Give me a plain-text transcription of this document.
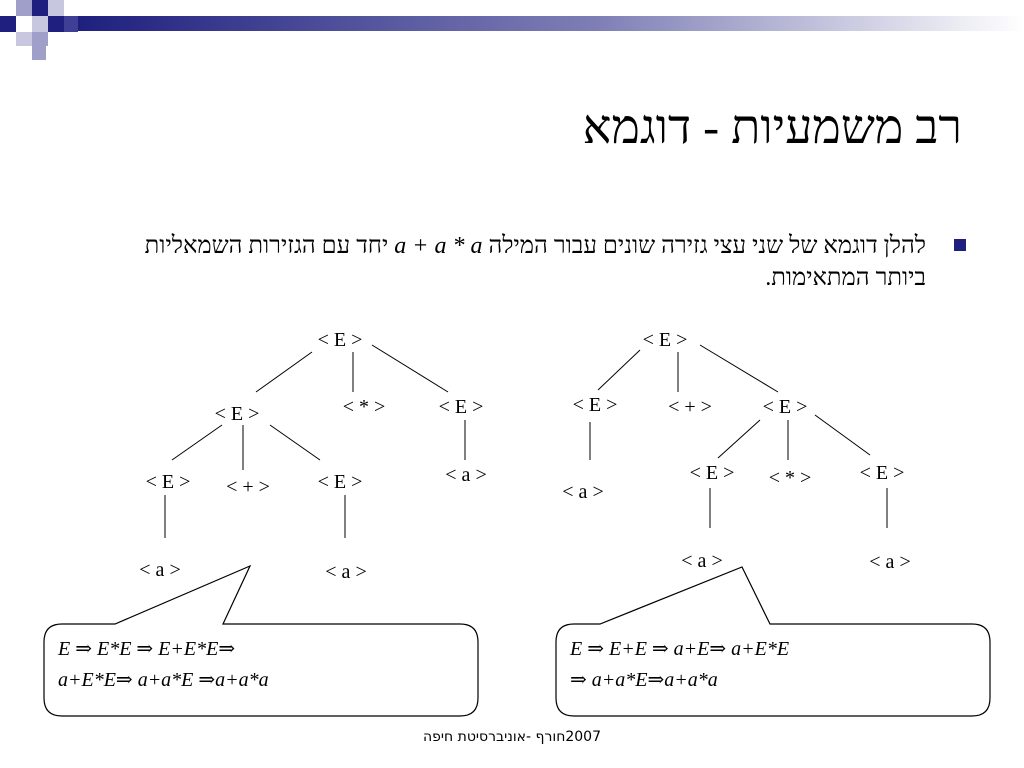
רב משמעיות - דוגמא
להלן דוגמא של שני עצי גזירה שונים עבור המילה a + a * a יחד עם הגזירות השמאליות ביותר המתאימות.
< E >
< E >	< * >	< E >
< E > < + > < E >
< a >	< a >
< a >
< E >
< E >	< + >	< E >
< a >
< E > < * > < E >
< a >	< a >
E ⇒ E*E ⇒ E+E*E⇒
a+E*E⇒ a+a*E ⇒a+a*a
E ⇒ E+E ⇒ a+E⇒ a+E*E
⇒ a+a*E⇒a+a*a
2007חורף -אוניברסיטת חיפה
